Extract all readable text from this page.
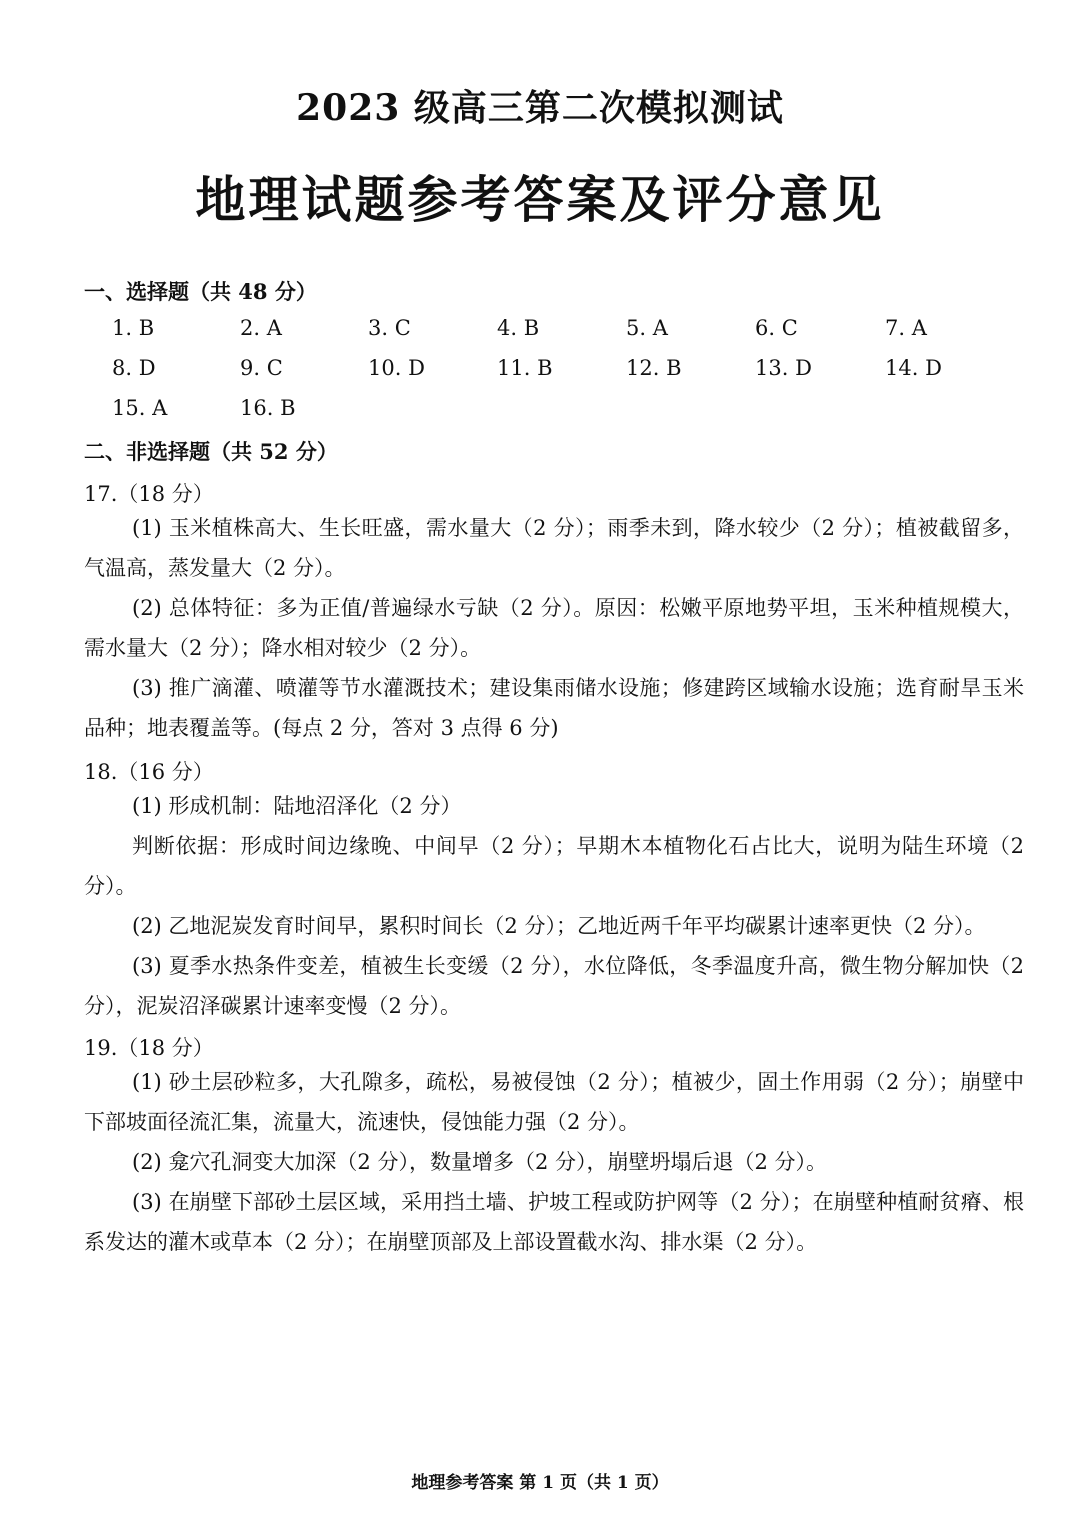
2023 级高三第二次模拟测试
地理试题参考答案及评分意见
一、选择题（共 48 分）
1. B	2. A	3. C	4. B	5. A	6. C	7. A
8. D	9. C	10. D	11. B	12. B	13. D	14. D
15. A	16. B
二、非选择题（共 52 分）
17.（18 分）
(1) 玉米植株高大、生长旺盛，需水量大（2 分）；雨季未到，降水较少（2 分）；植被截留多，气温高，蒸发量大（2 分）。
(2) 总体特征：多为正值/普遍绿水亏缺（2 分）。原因：松嫩平原地势平坦，玉米种植规模大，需水量大（2 分）；降水相对较少（2 分）。
(3) 推广滴灌、喷灌等节水灌溉技术；建设集雨储水设施；修建跨区域输水设施；选育耐旱玉米品种；地表覆盖等。(每点 2 分，答对 3 点得 6 分)
18.（16 分）
(1) 形成机制：陆地沼泽化（2 分）
判断依据：形成时间边缘晚、中间早（2 分）；早期木本植物化石占比大，说明为陆生环境（2 分）。
(2) 乙地泥炭发育时间早，累积时间长（2 分）；乙地近两千年平均碳累计速率更快（2 分）。
(3) 夏季水热条件变差，植被生长变缓（2 分），水位降低，冬季温度升高，微生物分解加快（2 分），泥炭沼泽碳累计速率变慢（2 分）。
19.（18 分）
(1) 砂土层砂粒多，大孔隙多，疏松，易被侵蚀（2 分）；植被少，固土作用弱（2 分）；崩壁中下部坡面径流汇集，流量大，流速快，侵蚀能力强（2 分）。
(2) 龛穴孔洞变大加深（2 分），数量增多（2 分），崩壁坍塌后退（2 分）。
(3) 在崩壁下部砂土层区域，采用挡土墙、护坡工程或防护网等（2 分）；在崩壁种植耐贫瘠、根系发达的灌木或草本（2 分）；在崩壁顶部及上部设置截水沟、排水渠（2 分）。
地理参考答案 第 1 页（共 1 页）
